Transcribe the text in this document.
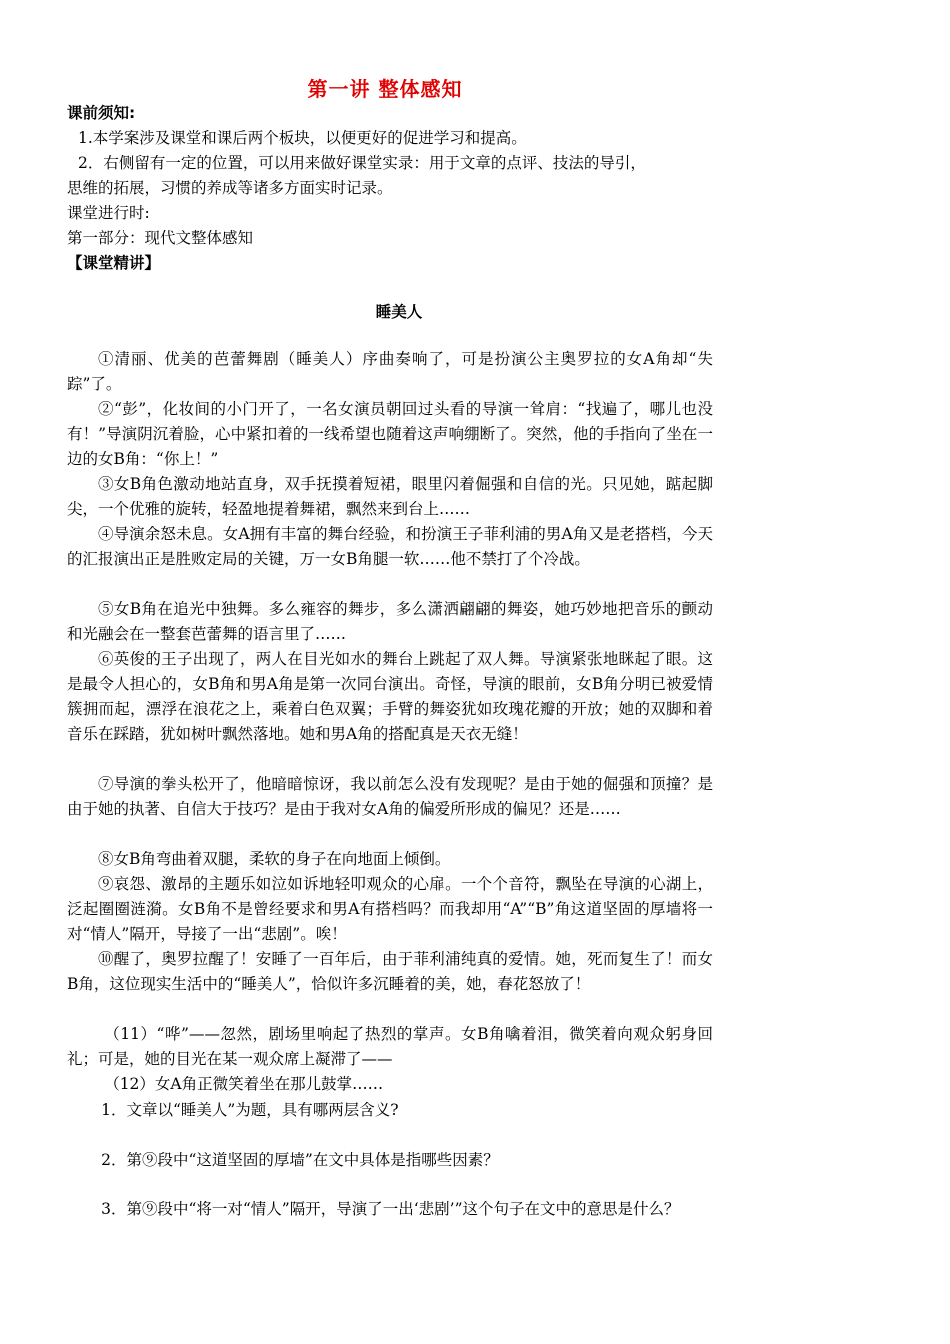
第一讲 整体感知
课前须知:
1.本学案涉及课堂和课后两个板块，以便更好的促进学习和提高。
2．右侧留有一定的位置，可以用来做好课堂实录：用于文章的点评、技法的导引，
思维的拓展，习惯的养成等诸多方面实时记录。
课堂进行时:
第一部分：现代文整体感知
【课堂精讲】
睡美人

①清丽、优美的芭蕾舞剧（睡美人）序曲奏响了，可是扮演公主奥罗拉的女A角却“失踪”了。

②“彭”，化妆间的小门开了，一名女演员朝回过头看的导演一耸肩：“找遍了，哪儿也没有！”导演阴沉着脸，心中紧扣着的一线希望也随着这声响绷断了。突然，他的手指向了坐在一边的女B角：“你上！”

③女B角色激动地站直身，双手抚摸着短裙，眼里闪着倔强和自信的光。只见她，踮起脚尖，一个优雅的旋转，轻盈地提着舞裙，飘然来到台上……

④导演余怒未息。女A拥有丰富的舞台经验，和扮演王子菲利浦的男A角又是老搭档，今天的汇报演出正是胜败定局的关键，万一女B角腿一软……他不禁打了个冷战。

⑤女B角在追光中独舞。多么雍容的舞步，多么潇洒翩翩的舞姿，她巧妙地把音乐的颤动和光融会在一整套芭蕾舞的语言里了……

⑥英俊的王子出现了，两人在目光如水的舞台上跳起了双人舞。导演紧张地眯起了眼。这是最令人担心的，女B角和男A角是第一次同台演出。奇怪，导演的眼前，女B角分明已被爱情簇拥而起，漂浮在浪花之上，乘着白色双翼；手臂的舞姿犹如玫瑰花瓣的开放；她的双脚和着音乐在踩踏，犹如树叶飘然落地。她和男A角的搭配真是天衣无缝！

⑦导演的拳头松开了，他暗暗惊讶，我以前怎么没有发现呢？是由于她的倔强和顶撞？是由于她的执著、自信大于技巧？是由于我对女A角的偏爱所形成的偏见？还是……

⑧女B角弯曲着双腿，柔软的身子在向地面上倾倒。

⑨哀怨、激昂的主题乐如泣如诉地轻叩观众的心扉。一个个音符，飘坠在导演的心湖上，泛起圈圈涟漪。女B角不是曾经要求和男A有搭档吗？而我却用“A”“B”角这道坚固的厚墙将一对“情人”隔开，导接了一出“悲剧”。唉！

⑩醒了，奥罗拉醒了！安睡了一百年后，由于菲利浦纯真的爱情。她，死而复生了！而女B角，这位现实生活中的“睡美人”，恰似许多沉睡着的美，她，春花怒放了！

（11）“哗”——忽然，剧场里响起了热烈的掌声。女B角噙着泪，微笑着向观众躬身回礼；可是，她的目光在某一观众席上凝滞了——

（12）女A角正微笑着坐在那儿鼓掌……

1．文章以“睡美人”为题，具有哪两层含义?

2．第⑨段中“这道坚固的厚墙”在文中具体是指哪些因素？

3．第⑨段中“将一对“情人”隔开，导演了一出‘悲剧’”这个句子在文中的意思是什么？
